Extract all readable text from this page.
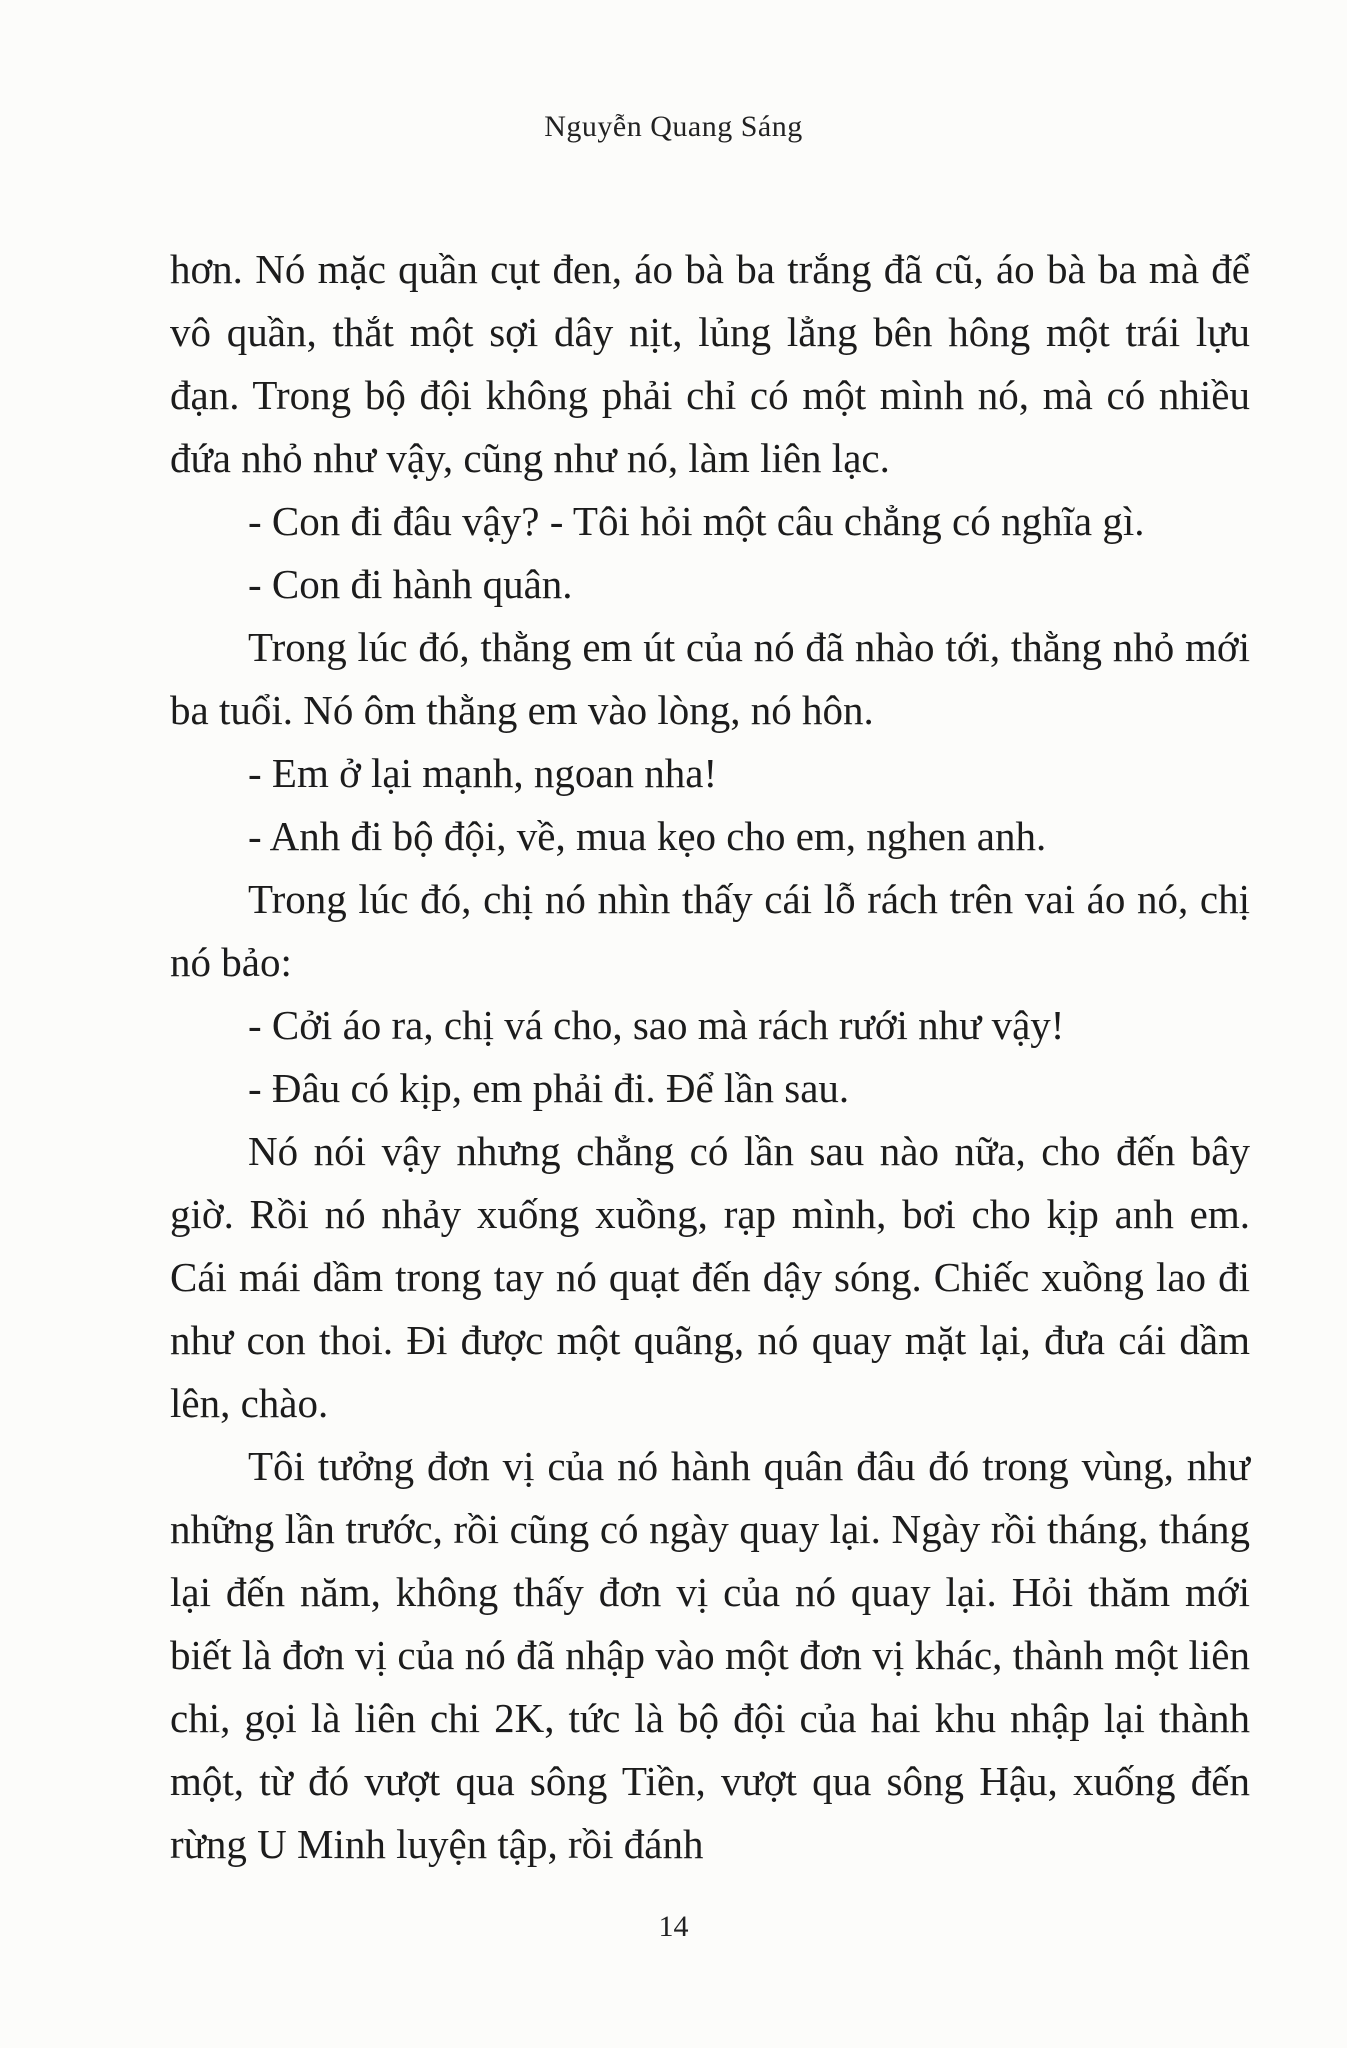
Nguyễn Quang Sáng

hơn. Nó mặc quần cụt đen, áo bà ba trắng đã cũ, áo bà ba mà để vô quần, thắt một sợi dây nịt, lủng lẳng bên hông một trái lựu đạn. Trong bộ đội không phải chỉ có một mình nó, mà có nhiều đứa nhỏ như vậy, cũng như nó, làm liên lạc.

- Con đi đâu vậy? - Tôi hỏi một câu chẳng có nghĩa gì.

- Con đi hành quân.

Trong lúc đó, thằng em út của nó đã nhào tới, thằng nhỏ mới ba tuổi. Nó ôm thằng em vào lòng, nó hôn.

- Em ở lại mạnh, ngoan nha!

- Anh đi bộ đội, về, mua kẹo cho em, nghen anh.

Trong lúc đó, chị nó nhìn thấy cái lỗ rách trên vai áo nó, chị nó bảo:

- Cởi áo ra, chị vá cho, sao mà rách rưới như vậy!

- Đâu có kịp, em phải đi. Để lần sau.

Nó nói vậy nhưng chẳng có lần sau nào nữa, cho đến bây giờ. Rồi nó nhảy xuống xuồng, rạp mình, bơi cho kịp anh em. Cái mái dầm trong tay nó quạt đến dậy sóng. Chiếc xuồng lao đi như con thoi. Đi được một quãng, nó quay mặt lại, đưa cái dầm lên, chào.

Tôi tưởng đơn vị của nó hành quân đâu đó trong vùng, như những lần trước, rồi cũng có ngày quay lại. Ngày rồi tháng, tháng lại đến năm, không thấy đơn vị của nó quay lại. Hỏi thăm mới biết là đơn vị của nó đã nhập vào một đơn vị khác, thành một liên chi, gọi là liên chi 2K, tức là bộ đội của hai khu nhập lại thành một, từ đó vượt qua sông Tiền, vượt qua sông Hậu, xuống đến rừng U Minh luyện tập, rồi đánh

14
